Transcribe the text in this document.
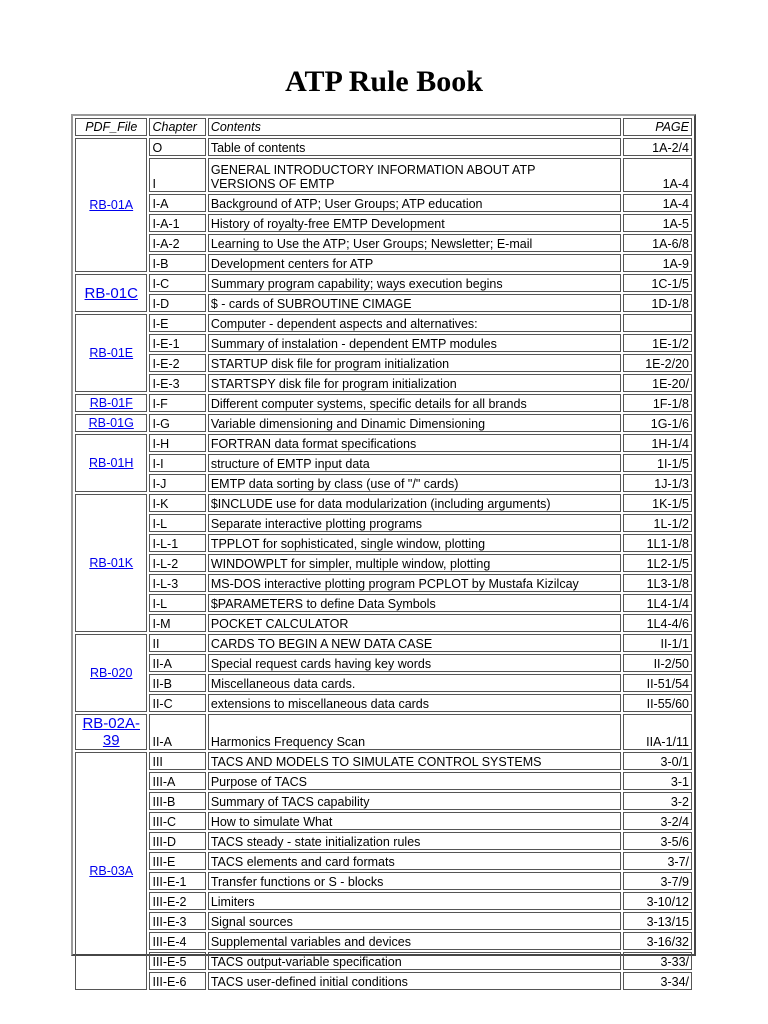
ATP Rule Book
PDF_File	Chapter	Contents	PAGE
RB-01A	O	Table of contents	1A-2/4
	I	GENERAL INTRODUCTORY INFORMATION ABOUT ATP
VERSIONS OF EMTP	1A-4
	I-A	Background of ATP; User Groups; ATP education	1A-4
	I-A-1	History of royalty-free EMTP Development	1A-5
	I-A-2	Learning to Use the ATP; User Groups; Newsletter; E-mail	1A-6/8
	I-B	Development centers for ATP	1A-9
RB-01C	I-C	Summary program capability; ways execution begins	1C-1/5
	I-D	$ - cards of SUBROUTINE CIMAGE	1D-1/8
RB-01E	I-E	Computer - dependent aspects and alternatives:	
	I-E-1	Summary of instalation - dependent EMTP modules	1E-1/2
	I-E-2	STARTUP disk file for program initialization	1E-2/20
	I-E-3	STARTSPY disk file for program initialization	1E-20/
RB-01F	I-F	Different computer systems, specific details for all brands	1F-1/8
RB-01G	I-G	Variable dimensioning and Dinamic Dimensioning	1G-1/6
RB-01H	I-H	FORTRAN data format specifications	1H-1/4
	I-I	structure of EMTP input data	1I-1/5
	I-J	EMTP data sorting by class (use of "/" cards)	1J-1/3
RB-01K	I-K	$INCLUDE use for data modularization (including arguments)	1K-1/5
	I-L	Separate interactive plotting programs	1L-1/2
	I-L-1	TPPLOT for sophisticated, single window, plotting	1L1-1/8
	I-L-2	WINDOWPLT for simpler, multiple window, plotting	1L2-1/5
	I-L-3	MS-DOS interactive plotting program PCPLOT by Mustafa Kizilcay	1L3-1/8
	I-L	$PARAMETERS to define Data Symbols	1L4-1/4
	I-M	POCKET CALCULATOR	1L4-4/6
RB-020	II	CARDS TO BEGIN A NEW DATA CASE	II-1/1
	II-A	Special request cards having key words	II-2/50
	II-B	Miscellaneous data cards.	II-51/54
	II-C	extensions to miscellaneous data cards	II-55/60
RB-02A-
39	II-A	Harmonics Frequency Scan	IIA-1/11
RB-03A	III	TACS AND MODELS TO SIMULATE CONTROL SYSTEMS	3-0/1
	III-A	Purpose of TACS	3-1
	III-B	Summary of TACS capability	3-2
	III-C	How to simulate What	3-2/4
	III-D	TACS steady - state initialization rules	3-5/6
	III-E	TACS elements and card formats	3-7/
	III-E-1	Transfer functions or S - blocks	3-7/9
	III-E-2	Limiters	3-10/12
	III-E-3	Signal sources	3-13/15
	III-E-4	Supplemental variables and devices	3-16/32
	III-E-5	TACS output-variable specification	3-33/
	III-E-6	TACS user-defined initial conditions	3-34/
